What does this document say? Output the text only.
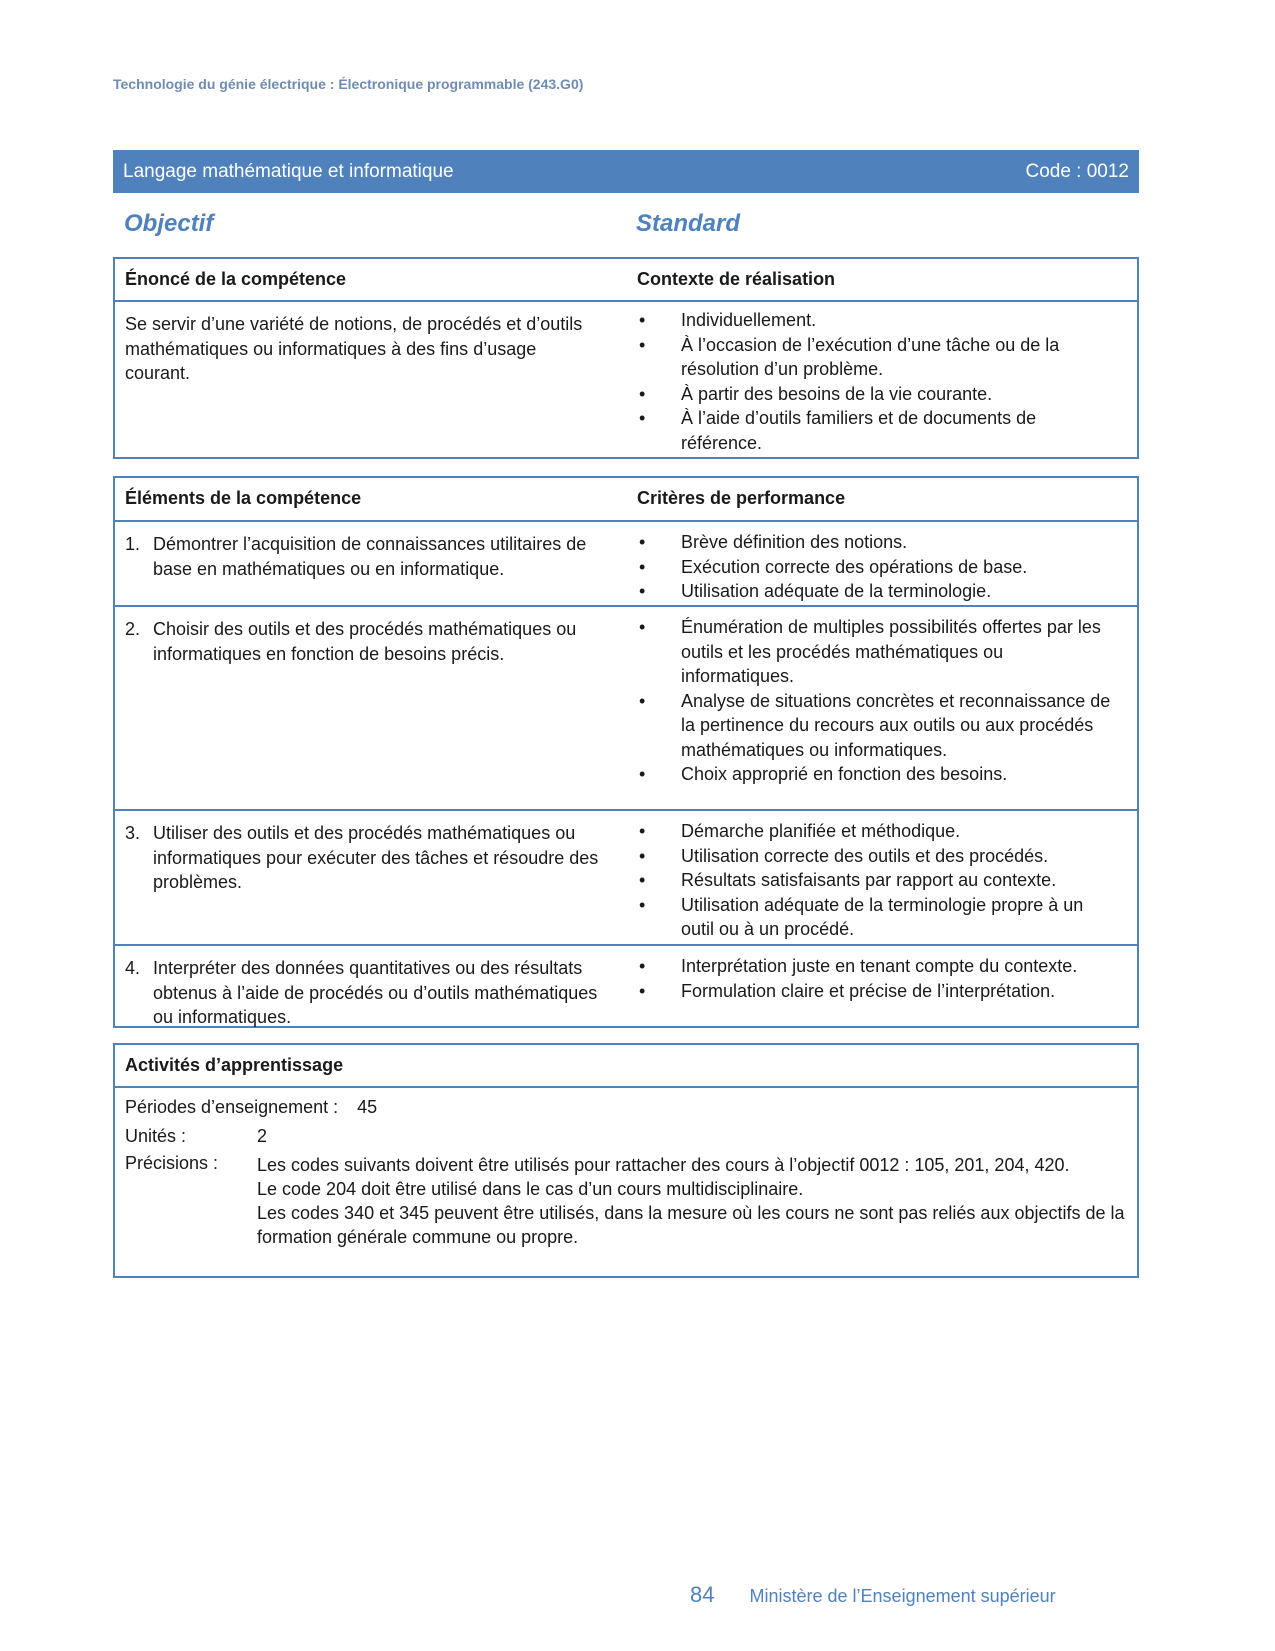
Technologie du génie électrique : Électronique programmable (243.G0)
Langage mathématique et informatique	Code : 0012
Objectif	Standard
Énoncé de la compétence	Contexte de réalisation
Se servir d’une variété de notions, de procédés et d’outils mathématiques ou informatiques à des fins d’usage courant.
• Individuellement.
• À l’occasion de l’exécution d’une tâche ou de la résolution d’un problème.
• À partir des besoins de la vie courante.
• À l’aide d’outils familiers et de documents de référence.
Éléments de la compétence	Critères de performance
1. Démontrer l’acquisition de connaissances utilitaires de base en mathématiques ou en informatique.
• Brève définition des notions.
• Exécution correcte des opérations de base.
• Utilisation adéquate de la terminologie.
2. Choisir des outils et des procédés mathématiques ou informatiques en fonction de besoins précis.
• Énumération de multiples possibilités offertes par les outils et les procédés mathématiques ou informatiques.
• Analyse de situations concrètes et reconnaissance de la pertinence du recours aux outils ou aux procédés mathématiques ou informatiques.
• Choix approprié en fonction des besoins.
3. Utiliser des outils et des procédés mathématiques ou informatiques pour exécuter des tâches et résoudre des problèmes.
• Démarche planifiée et méthodique.
• Utilisation correcte des outils et des procédés.
• Résultats satisfaisants par rapport au contexte.
• Utilisation adéquate de la terminologie propre à un outil ou à un procédé.
4. Interpréter des données quantitatives ou des résultats obtenus à l’aide de procédés ou d’outils mathématiques ou informatiques.
• Interprétation juste en tenant compte du contexte.
• Formulation claire et précise de l’interprétation.
Activités d’apprentissage
Périodes d’enseignement : 45
Unités :	2
Précisions : Les codes suivants doivent être utilisés pour rattacher des cours à l’objectif 0012 : 105, 201, 204, 420.
Le code 204 doit être utilisé dans le cas d’un cours multidisciplinaire.
Les codes 340 et 345 peuvent être utilisés, dans la mesure où les cours ne sont pas reliés aux objectifs de la formation générale commune ou propre.
84 Ministère de l’Enseignement supérieur
